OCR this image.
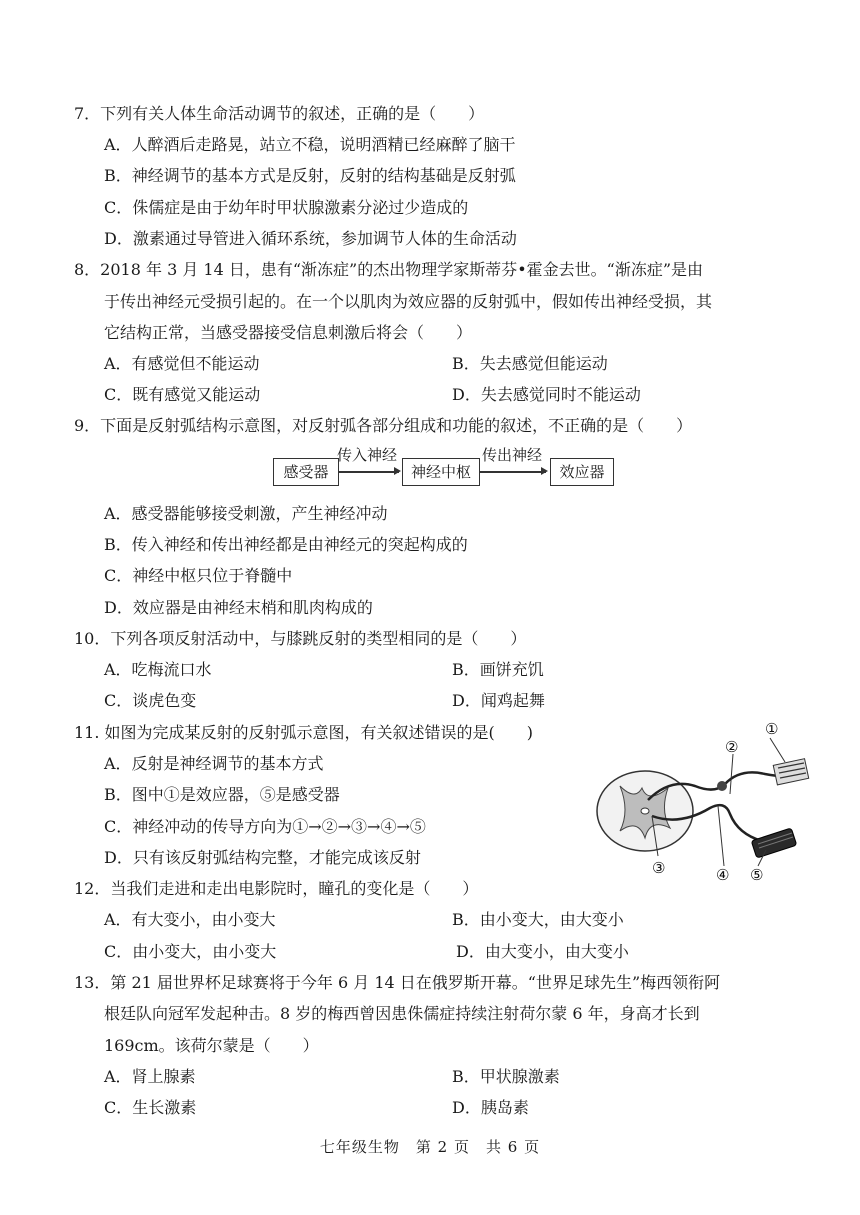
7．下列有关人体生命活动调节的叙述，正确的是（　　）
A．人醉酒后走路晃，站立不稳，说明酒精已经麻醉了脑干
B．神经调节的基本方式是反射，反射的结构基础是反射弧
C．侏儒症是由于幼年时甲状腺激素分泌过少造成的
D．激素通过导管进入循环系统，参加调节人体的生命活动
8．2018 年 3 月 14 日，患有“渐冻症”的杰出物理学家斯蒂芬•霍金去世。“渐冻症”是由
于传出神经元受损引起的。在一个以肌肉为效应器的反射弧中，假如传出神经受损，其
它结构正常，当感受器接受信息刺激后将会（　　）
A．有感觉但不能运动	B．失去感觉但能运动
C．既有感觉又能运动	D．失去感觉同时不能运动
9．下面是反射弧结构示意图，对反射弧各部分组成和功能的叙述，不正确的是（　　）
感受器
传入神经
神经中枢
传出神经
效应器
A．感受器能够接受刺激，产生神经冲动
B．传入神经和传出神经都是由神经元的突起构成的
C．神经中枢只位于脊髓中
D．效应器是由神经末梢和肌肉构成的
10．下列各项反射活动中，与膝跳反射的类型相同的是（　　）
A．吃梅流口水	B．画饼充饥
C．谈虎色变	D．闻鸡起舞
11. 如图为完成某反射的反射弧示意图，有关叙述错误的是(　　)
A．反射是神经调节的基本方式
B．图中①是效应器，⑤是感受器
C．神经冲动的传导方向为①→②→③→④→⑤
D．只有该反射弧结构完整，才能完成该反射
①
②
③	④ ⑤
12．当我们走进和走出电影院时，瞳孔的变化是（　　）
A．有大变小，由小变大	B．由小变大，由大变小
C．由小变大，由小变大	D．由大变小，由大变小
13．第 21 届世界杯足球赛将于今年 6 月 14 日在俄罗斯开幕。“世界足球先生”梅西领衔阿
根廷队向冠军发起种击。8 岁的梅西曾因患侏儒症持续注射荷尔蒙 6 年，身高才长到
169cm。该荷尔蒙是（　　）
A．肾上腺素	B．甲状腺激素
C．生长激素	D．胰岛素
七年级生物　第 2 页　共 6 页
